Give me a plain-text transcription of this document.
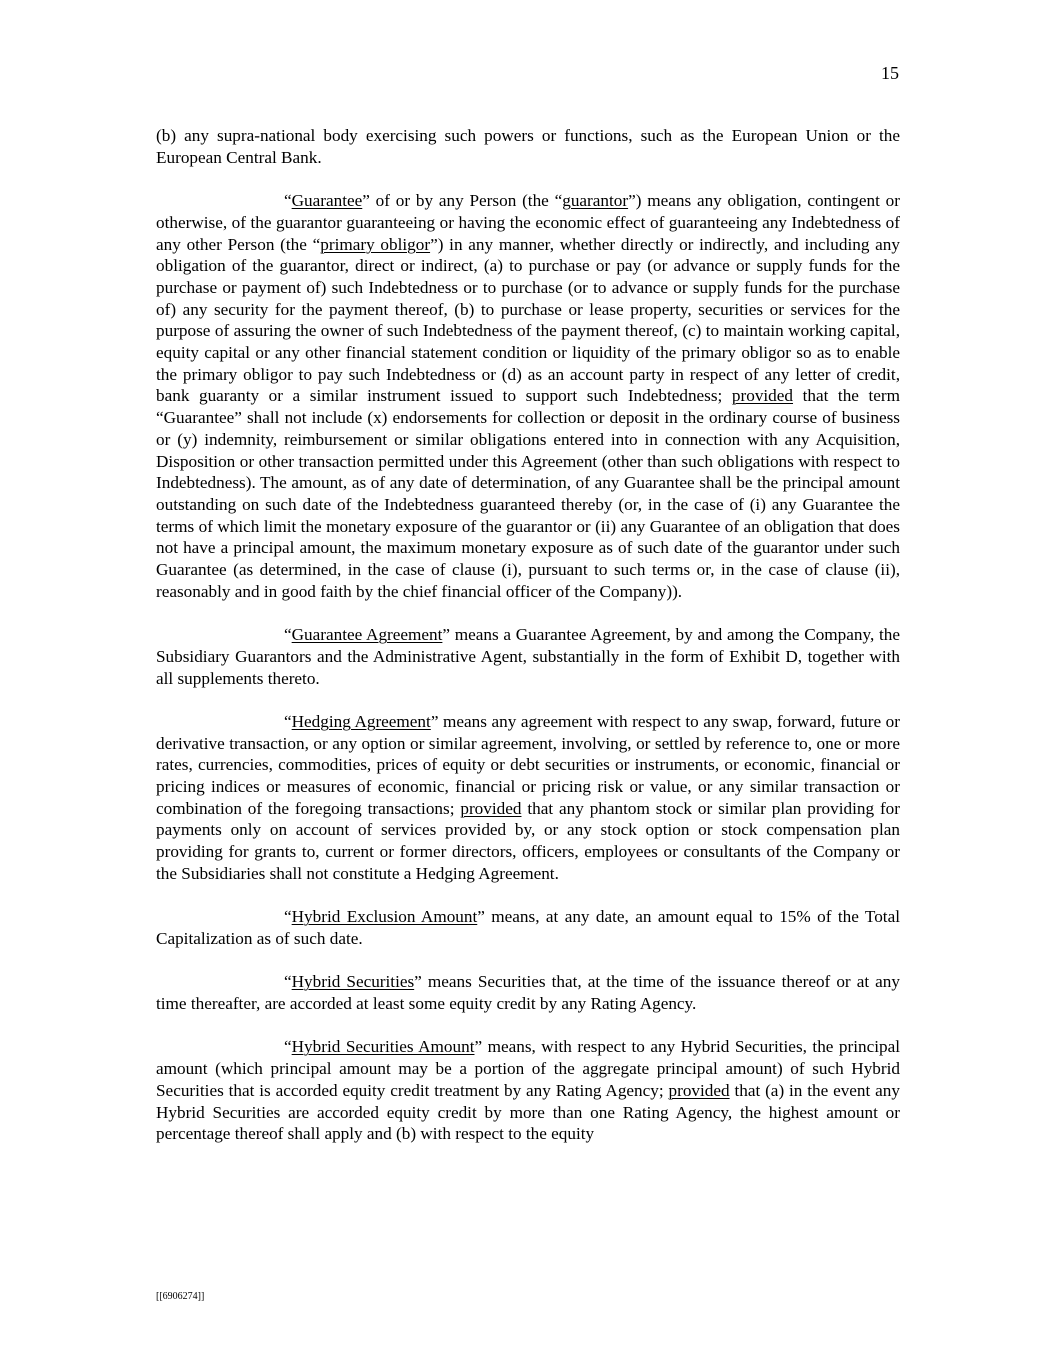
15

(b) any supra-national body exercising such powers or functions, such as the European Union or the European Central Bank.

“Guarantee” of or by any Person (the “guarantor”) means any obligation, contingent or otherwise, of the guarantor guaranteeing or having the economic effect of guaranteeing any Indebtedness of any other Person (the “primary obligor”) in any manner, whether directly or indirectly, and including any obligation of the guarantor, direct or indirect, (a) to purchase or pay (or advance or supply funds for the purchase or payment of) such Indebtedness or to purchase (or to advance or supply funds for the purchase of) any security for the payment thereof, (b) to purchase or lease property, securities or services for the purpose of assuring the owner of such Indebtedness of the payment thereof, (c) to maintain working capital, equity capital or any other financial statement condition or liquidity of the primary obligor so as to enable the primary obligor to pay such Indebtedness or (d) as an account party in respect of any letter of credit, bank guaranty or a similar instrument issued to support such Indebtedness; provided that the term “Guarantee” shall not include (x) endorsements for collection or deposit in the ordinary course of business or (y) indemnity, reimbursement or similar obligations entered into in connection with any Acquisition, Disposition or other transaction permitted under this Agreement (other than such obligations with respect to Indebtedness). The amount, as of any date of determination, of any Guarantee shall be the principal amount outstanding on such date of the Indebtedness guaranteed thereby (or, in the case of (i) any Guarantee the terms of which limit the monetary exposure of the guarantor or (ii) any Guarantee of an obligation that does not have a principal amount, the maximum monetary exposure as of such date of the guarantor under such Guarantee (as determined, in the case of clause (i), pursuant to such terms or, in the case of clause (ii), reasonably and in good faith by the chief financial officer of the Company)).

“Guarantee Agreement” means a Guarantee Agreement, by and among the Company, the Subsidiary Guarantors and the Administrative Agent, substantially in the form of Exhibit D, together with all supplements thereto.

“Hedging Agreement” means any agreement with respect to any swap, forward, future or derivative transaction, or any option or similar agreement, involving, or settled by reference to, one or more rates, currencies, commodities, prices of equity or debt securities or instruments, or economic, financial or pricing indices or measures of economic, financial or pricing risk or value, or any similar transaction or combination of the foregoing transactions; provided that any phantom stock or similar plan providing for payments only on account of services provided by, or any stock option or stock compensation plan providing for grants to, current or former directors, officers, employees or consultants of the Company or the Subsidiaries shall not constitute a Hedging Agreement.

“Hybrid Exclusion Amount” means, at any date, an amount equal to 15% of the Total Capitalization as of such date.

“Hybrid Securities” means Securities that, at the time of the issuance thereof or at any time thereafter, are accorded at least some equity credit by any Rating Agency.

“Hybrid Securities Amount” means, with respect to any Hybrid Securities, the principal amount (which principal amount may be a portion of the aggregate principal amount) of such Hybrid Securities that is accorded equity credit treatment by any Rating Agency; provided that (a) in the event any Hybrid Securities are accorded equity credit by more than one Rating Agency, the highest amount or percentage thereof shall apply and (b) with respect to the equity

[[6906274]]
